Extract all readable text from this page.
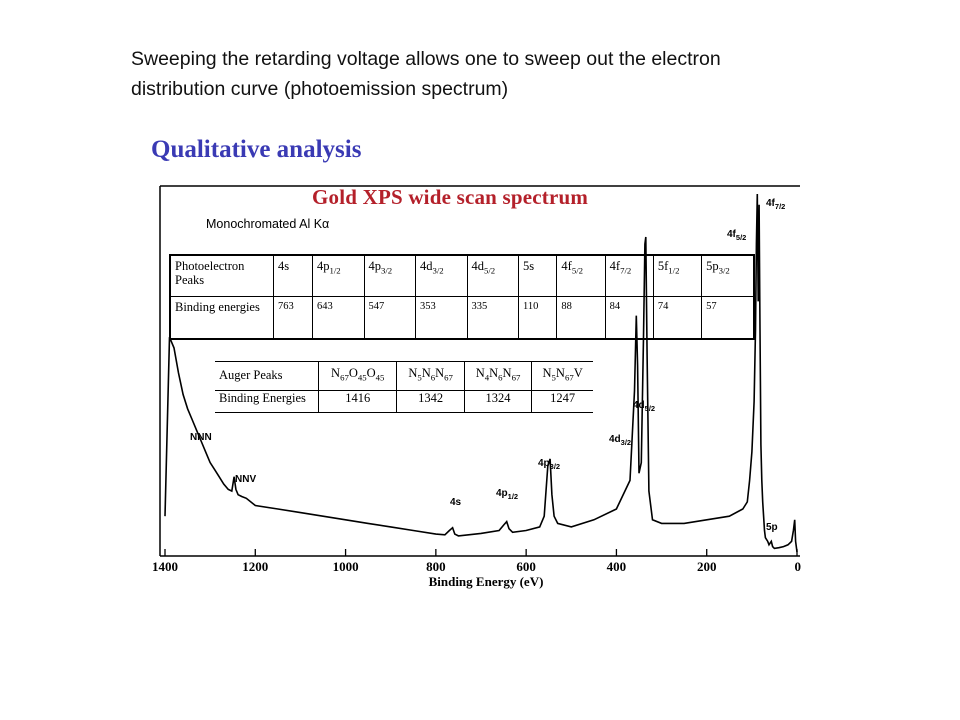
Sweeping the retarding voltage allows one to sweep out the electron distribution curve (photoemission spectrum)
Qualitative analysis
1400	1200	1000	800	600	400	200	0
NNN
NNV
4s
$4p_{1/2}$
$4p_{3/2}$
$4d_{3/2}$
$4d_{5/2}$
$4f_{7/2}$
$4f_{5/2}$
5p
Binding Energy (eV)
Gold XPS wide scan spectrum
Monochromated Al Kα
Photoelectron Peaks	4s	$4p_{1/2}$	$4p_{3/2}$	$4d_{3/2}$	$4d_{5/2}$	5s	$4f_{5/2}$	$4f_{7/2}$	$5f_{1/2}$	$5p_{3/2}$
Binding energies	763	643	547	353	335	110	88	84	74	57
Auger Peaks	$N_{67}O_{45}O_{45}$	$N_5N_6N_{67}$	$N_4N_6N_{67}$	$N_5N_{67}V$
Binding Energies	1416	1342	1324	1247
